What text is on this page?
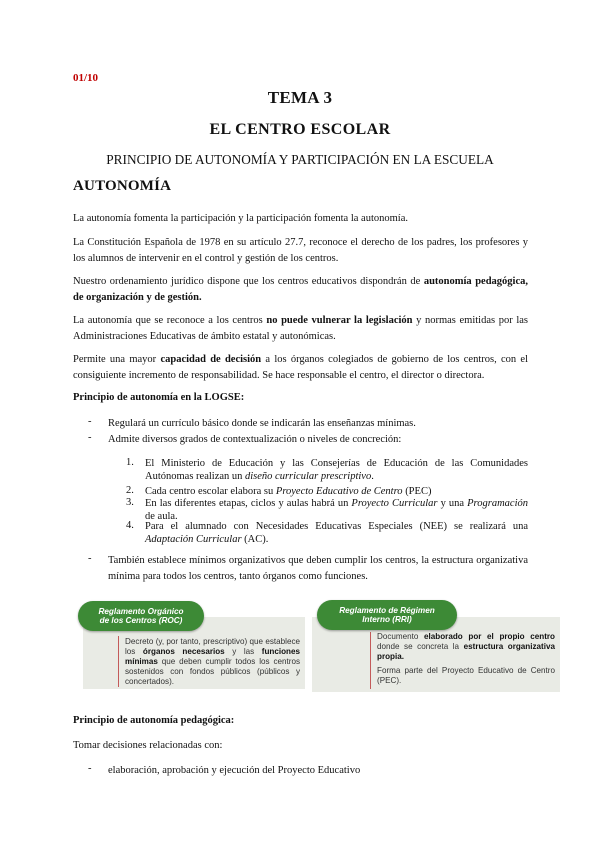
01/10
TEMA 3
EL CENTRO ESCOLAR
PRINCIPIO DE AUTONOMÍA Y PARTICIPACIÓN EN LA ESCUELA
AUTONOMÍA
La autonomía fomenta la participación y la participación fomenta la autonomía.
La Constitución Española de 1978 en su artículo 27.7, reconoce el derecho de los padres, los profesores y los alumnos de intervenir en el control y gestión de los centros.
Nuestro ordenamiento jurídico dispone que los centros educativos dispondrán de autonomía pedagógica, de organización y de gestión.
La autonomía que se reconoce a los centros no puede vulnerar la legislación y normas emitidas por las Administraciones Educativas de ámbito estatal y autonómicas.
Permite una mayor capacidad de decisión a los órganos colegiados de gobierno de los centros, con el consiguiente incremento de responsabilidad. Se hace responsable el centro, el director o directora.
Principio de autonomía en la LOGSE:
- Regulará un currículo básico donde se indicarán las enseñanzas mínimas.
- Admite diversos grados de contextualización o niveles de concreción:
1. El Ministerio de Educación y las Consejerías de Educación de las Comunidades Autónomas realizan un diseño curricular prescriptivo.
2. Cada centro escolar elabora su Proyecto Educativo de Centro (PEC)
3. En las diferentes etapas, ciclos y aulas habrá un Proyecto Curricular y una Programación de aula.
4. Para el alumnado con Necesidades Educativas Especiales (NEE) se realizará una Adaptación Curricular (AC).
- También establece mínimos organizativos que deben cumplir los centros, la estructura organizativa mínima para todos los centros, tanto órganos como funciones.
Reglamento Orgánico
de los Centros (ROC)
Decreto (y, por tanto, prescriptivo) que establece los órganos necesarios y las funciones mínimas que deben cumplir todos los centros sostenidos con fondos públicos (públicos y concertados).
Reglamento de Régimen
Interno (RRI)
Documento elaborado por el propio centro donde se concreta la estructura organizativa propia.
Forma parte del Proyecto Educativo de Centro (PEC).
Principio de autonomía pedagógica:
Tomar decisiones relacionadas con:
- elaboración, aprobación y ejecución del Proyecto Educativo
